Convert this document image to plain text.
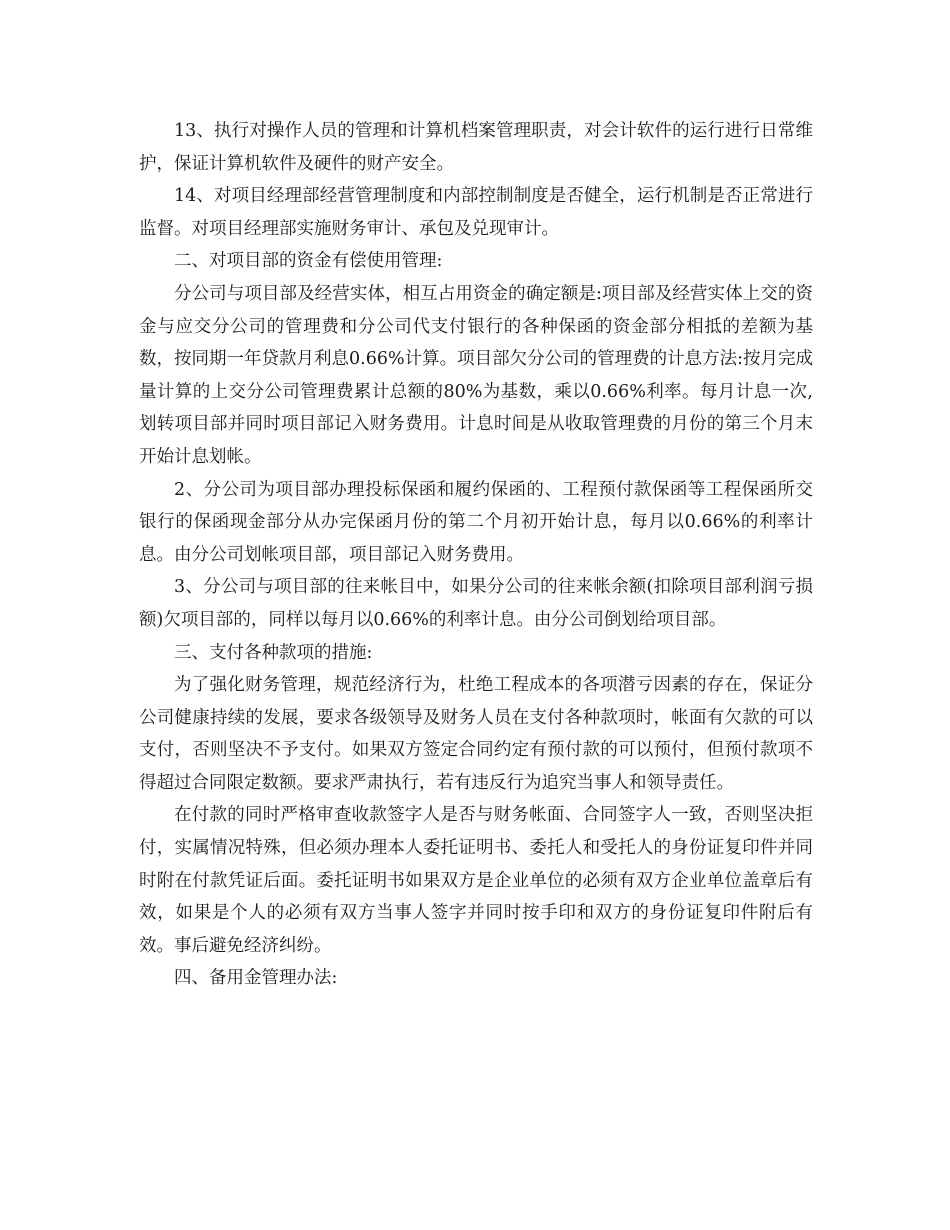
13、执行对操作人员的管理和计算机档案管理职责，对会计软件的运行进行日常维护，保证计算机软件及硬件的财产安全。

14、对项目经理部经营管理制度和内部控制制度是否健全，运行机制是否正常进行监督。对项目经理部实施财务审计、承包及兑现审计。

二、对项目部的资金有偿使用管理:

分公司与项目部及经营实体，相互占用资金的确定额是:项目部及经营实体上交的资金与应交分公司的管理费和分公司代支付银行的各种保函的资金部分相抵的差额为基数，按同期一年贷款月利息0.66%计算。项目部欠分公司的管理费的计息方法:按月完成量计算的上交分公司管理费累计总额的80%为基数，乘以0.66%利率。每月计息一次,划转项目部并同时项目部记入财务费用。计息时间是从收取管理费的月份的第三个月末开始计息划帐。

2、分公司为项目部办理投标保函和履约保函的、工程预付款保函等工程保函所交银行的保函现金部分从办完保函月份的第二个月初开始计息，每月以0.66%的利率计息。由分公司划帐项目部，项目部记入财务费用。

3、分公司与项目部的往来帐目中，如果分公司的往来帐余额(扣除项目部利润亏损额)欠项目部的，同样以每月以0.66%的利率计息。由分公司倒划给项目部。

三、支付各种款项的措施:

为了强化财务管理，规范经济行为，杜绝工程成本的各项潜亏因素的存在，保证分公司健康持续的发展，要求各级领导及财务人员在支付各种款项时，帐面有欠款的可以支付，否则坚决不予支付。如果双方签定合同约定有预付款的可以预付，但预付款项不得超过合同限定数额。要求严肃执行，若有违反行为追究当事人和领导责任。

在付款的同时严格审查收款签字人是否与财务帐面、合同签字人一致，否则坚决拒付，实属情况特殊，但必须办理本人委托证明书、委托人和受托人的身份证复印件并同时附在付款凭证后面。委托证明书如果双方是企业单位的必须有双方企业单位盖章后有效，如果是个人的必须有双方当事人签字并同时按手印和双方的身份证复印件附后有效。事后避免经济纠纷。

四、备用金管理办法:
